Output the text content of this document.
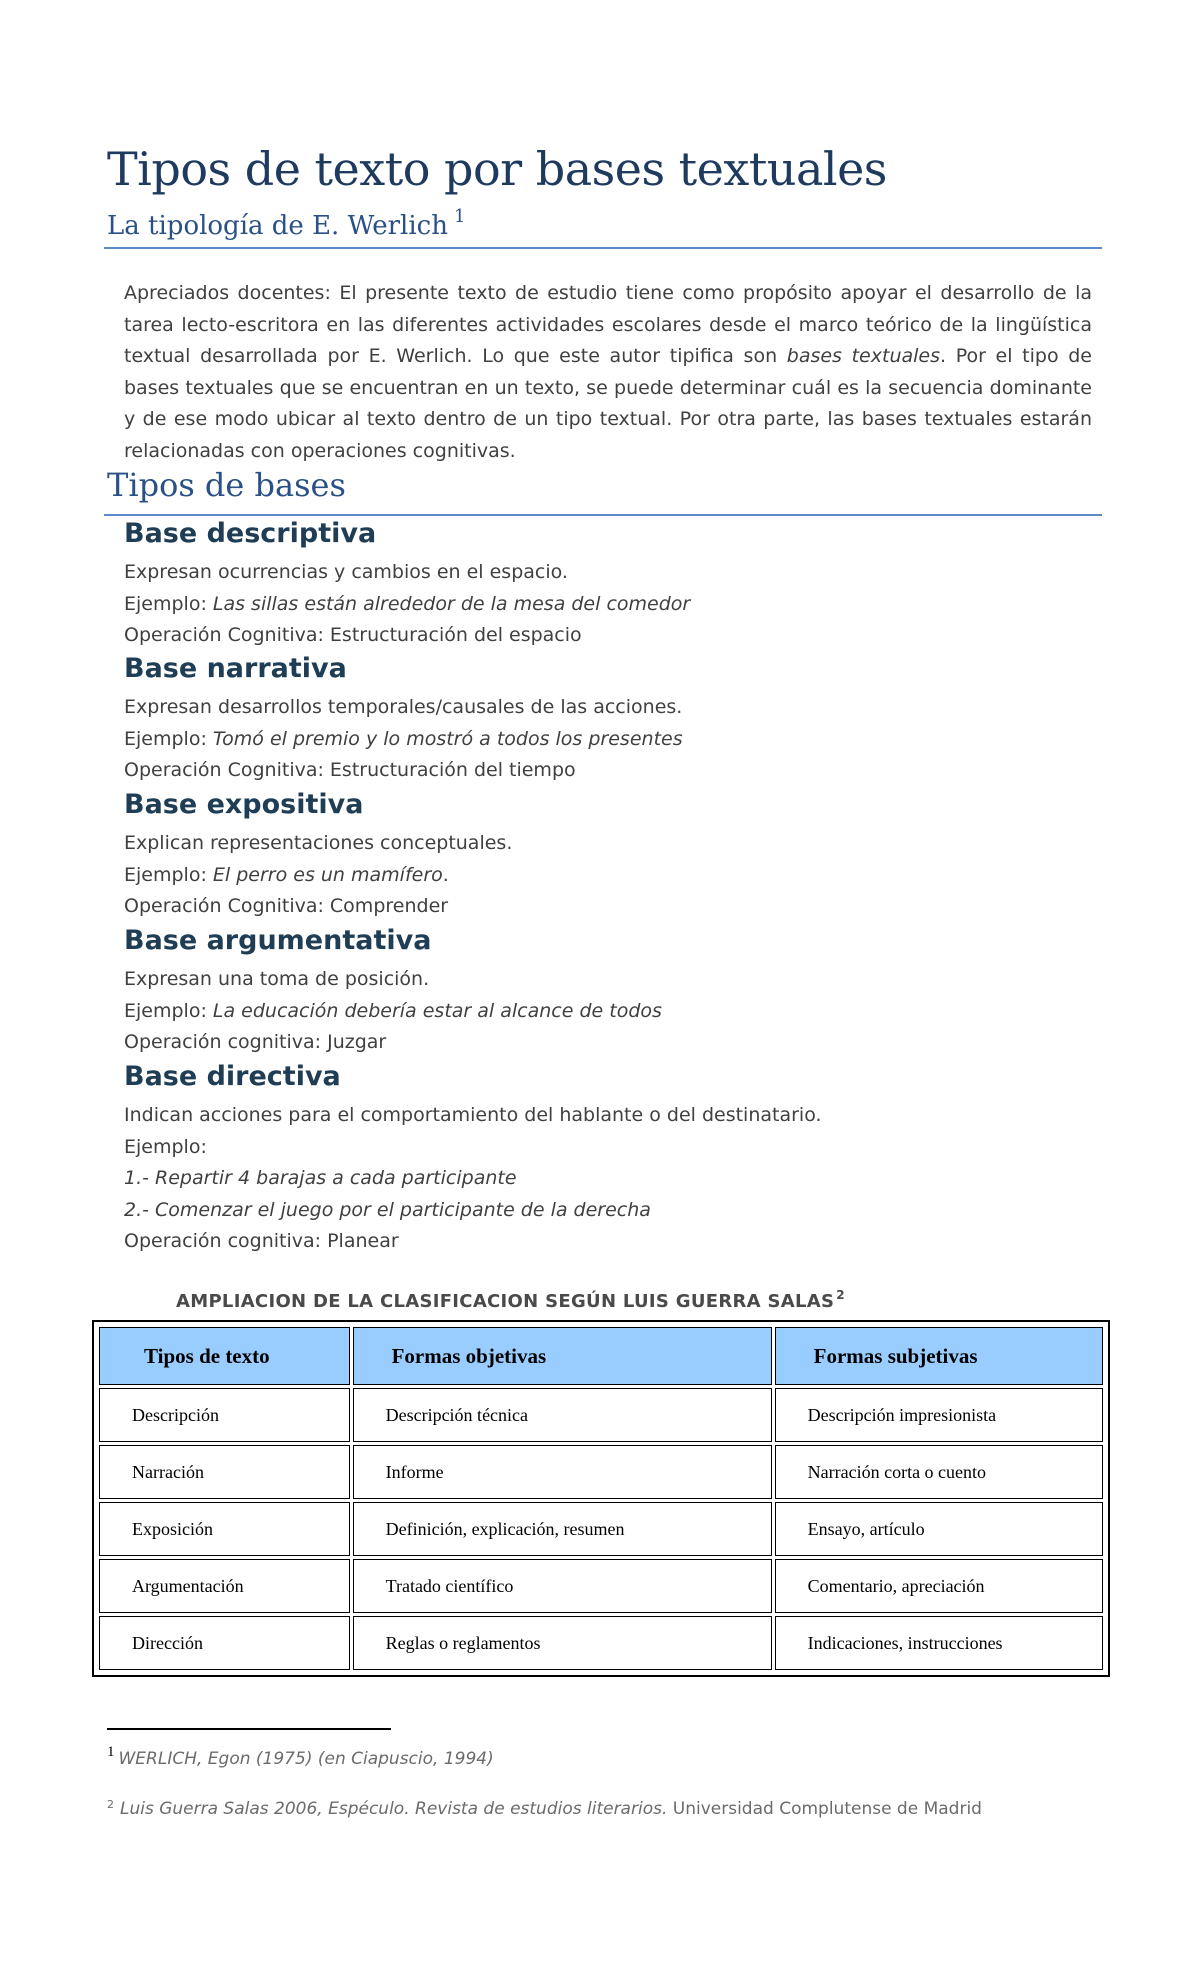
Tipos de texto por bases textuales
La tipología de E. Werlich $^1$
Apreciados docentes: El presente texto de estudio tiene como propósito apoyar el desarrollo de la tarea lecto-escritora en las diferentes actividades escolares desde el marco teórico de la lingüística textual desarrollada por E. Werlich. Lo que este autor tipifica son bases textuales. Por el tipo de bases textuales que se encuentran en un texto, se puede determinar cuál es la secuencia dominante y de ese modo ubicar al texto dentro de un tipo textual. Por otra parte, las bases textuales estarán relacionadas con operaciones cognitivas.
Tipos de bases
Base descriptiva
Expresan ocurrencias y cambios en el espacio.
Ejemplo: Las sillas están alrededor de la mesa del comedor
Operación Cognitiva: Estructuración del espacio
Base narrativa
Expresan desarrollos temporales/causales de las acciones.
Ejemplo: Tomó el premio y lo mostró a todos los presentes
Operación Cognitiva: Estructuración del tiempo
Base expositiva
Explican representaciones conceptuales.
Ejemplo: El perro es un mamífero.
Operación Cognitiva: Comprender
Base argumentativa
Expresan una toma de posición.
Ejemplo: La educación debería estar al alcance de todos
Operación cognitiva: Juzgar
Base directiva
Indican acciones para el comportamiento del hablante o del destinatario.
Ejemplo:
1.- Repartir 4 barajas a cada participante
2.- Comenzar el juego por el participante de la derecha
Operación cognitiva: Planear
AMPLIACION DE LA CLASIFICACION SEGÚN LUIS GUERRA SALAS $^2$
Tipos de texto	Formas objetivas	Formas subjetivas
Descripción	Descripción técnica	Descripción impresionista
Narración	Informe	Narración corta o cuento
Exposición	Definición, explicación, resumen	Ensayo, artículo
Argumentación	Tratado científico	Comentario, apreciación
Dirección	Reglas o reglamentos	Indicaciones, instrucciones
1 WERLICH, Egon (1975) (en Ciapuscio, 1994)
$^2$ Luis Guerra Salas 2006, Espéculo. Revista de estudios literarios. Universidad Complutense de Madrid
